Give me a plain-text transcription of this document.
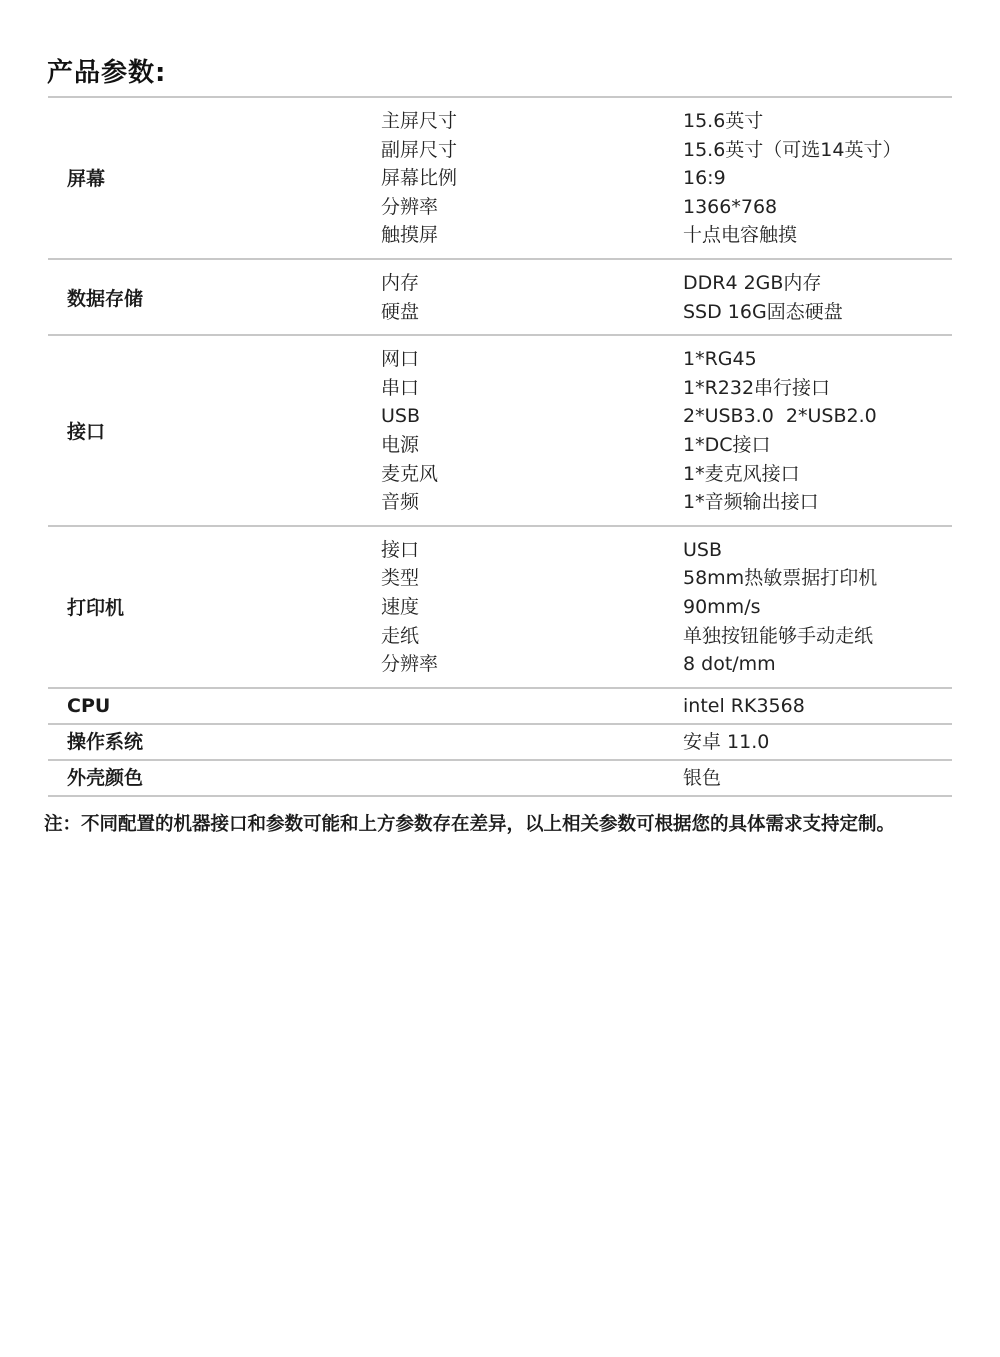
产品参数:
屏幕
主屏尺寸	15.6英寸
副屏尺寸	15.6英寸（可选14英寸）
屏幕比例	16:9
分辨率	1366*768
触摸屏	十点电容触摸
数据存储
内存	DDR4 2GB内存
硬盘	SSD 16G固态硬盘
接口
网口	1*RG45
串口	1*R232串行接口
USB	2*USB3.0  2*USB2.0
电源	1*DC接口
麦克风	1*麦克风接口
音频	1*音频输出接口
打印机
接口	USB
类型	58mm热敏票据打印机
速度	90mm/s
走纸	单独按钮能够手动走纸
分辨率	8 dot/mm
CPU	intel RK3568
操作系统	安卓 11.0
外壳颜色	银色
注：不同配置的机器接口和参数可能和上方参数存在差异，以上相关参数可根据您的具体需求支持定制。
